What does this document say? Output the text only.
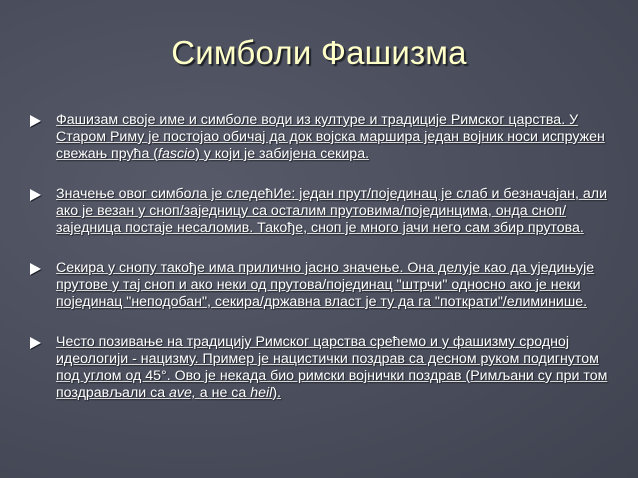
Симболи Фашизма
Фашизам своје име и симболе води из културе и традиције Римског царства. У Старом Риму је постојао обичај да док војска маршира један војник носи испружен свежањ прућа (fascio) у који је забијена секира.
Значење овог симбола је следећИе: један прут/појединац је слаб и безначајан, али ако је везан у сноп/заједницу са осталим прутовима/појединцима, онда сноп/заједница постаје несаломив. Такође, сноп је много јачи него сам збир прутова.
Секира у снопу такође има прилично јасно значење. Она делује као да уједињује прутове у тај сноп и ако неки од прутова/појединац "штрчи" односно ако је неки појединац "неподобан", секира/државна власт је ту да га "поткрати"/елиминише.
Често позивање на традицију Римског царства срећемо и у фашизму сродној идеологији - нацизму. Пример је нацистички поздрав са десном руком подигнутом под углом од 45°. Ово је некада био римски војнички поздрав (Римљани су при том поздрављали са ave, а не са heil).
